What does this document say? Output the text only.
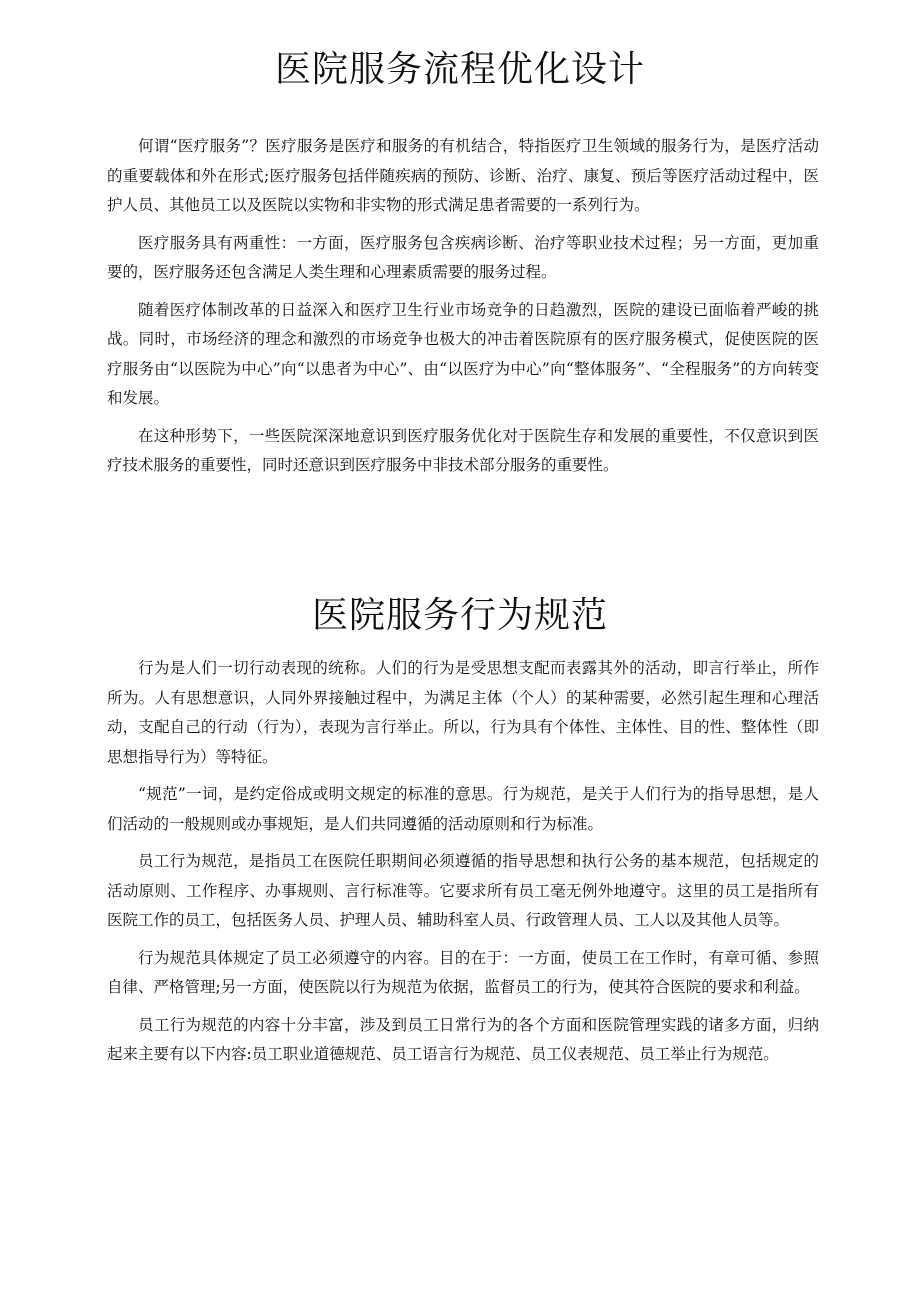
医院服务流程优化设计

何谓“医疗服务”？医疗服务是医疗和服务的有机结合，特指医疗卫生领域的服务行为，是医疗活动的重要载体和外在形式;医疗服务包括伴随疾病的预防、诊断、治疗、康复、预后等医疗活动过程中，医护人员、其他员工以及医院以实物和非实物的形式满足患者需要的一系列行为。

医疗服务具有两重性：一方面，医疗服务包含疾病诊断、治疗等职业技术过程；另一方面，更加重要的，医疗服务还包含满足人类生理和心理素质需要的服务过程。

随着医疗体制改革的日益深入和医疗卫生行业市场竞争的日趋激烈，医院的建设已面临着严峻的挑战。同时，市场经济的理念和激烈的市场竞争也极大的冲击着医院原有的医疗服务模式，促使医院的医疗服务由“以医院为中心”向“以患者为中心”、由“以医疗为中心”向“整体服务”、“全程服务”的方向转变和发展。

在这种形势下，一些医院深深地意识到医疗服务优化对于医院生存和发展的重要性，不仅意识到医疗技术服务的重要性，同时还意识到医疗服务中非技术部分服务的重要性。

医院服务行为规范

行为是人们一切行动表现的统称。人们的行为是受思想支配而表露其外的活动，即言行举止，所作所为。人有思想意识，人同外界接触过程中，为满足主体（个人）的某种需要，必然引起生理和心理活动，支配自己的行动（行为），表现为言行举止。所以，行为具有个体性、主体性、目的性、整体性（即思想指导行为）等特征。

“规范”一词，是约定俗成或明文规定的标准的意思。行为规范，是关于人们行为的指导思想，是人们活动的一般规则或办事规矩，是人们共同遵循的活动原则和行为标准。

员工行为规范，是指员工在医院任职期间必须遵循的指导思想和执行公务的基本规范，包括规定的活动原则、工作程序、办事规则、言行标准等。它要求所有员工毫无例外地遵守。这里的员工是指所有医院工作的员工，包括医务人员、护理人员、辅助科室人员、行政管理人员、工人以及其他人员等。

行为规范具体规定了员工必须遵守的内容。目的在于：一方面，使员工在工作时，有章可循、参照自律、严格管理;另一方面，使医院以行为规范为依据，监督员工的行为，使其符合医院的要求和利益。

员工行为规范的内容十分丰富，涉及到员工日常行为的各个方面和医院管理实践的诸多方面，归纳起来主要有以下内容:员工职业道德规范、员工语言行为规范、员工仪表规范、员工举止行为规范。
